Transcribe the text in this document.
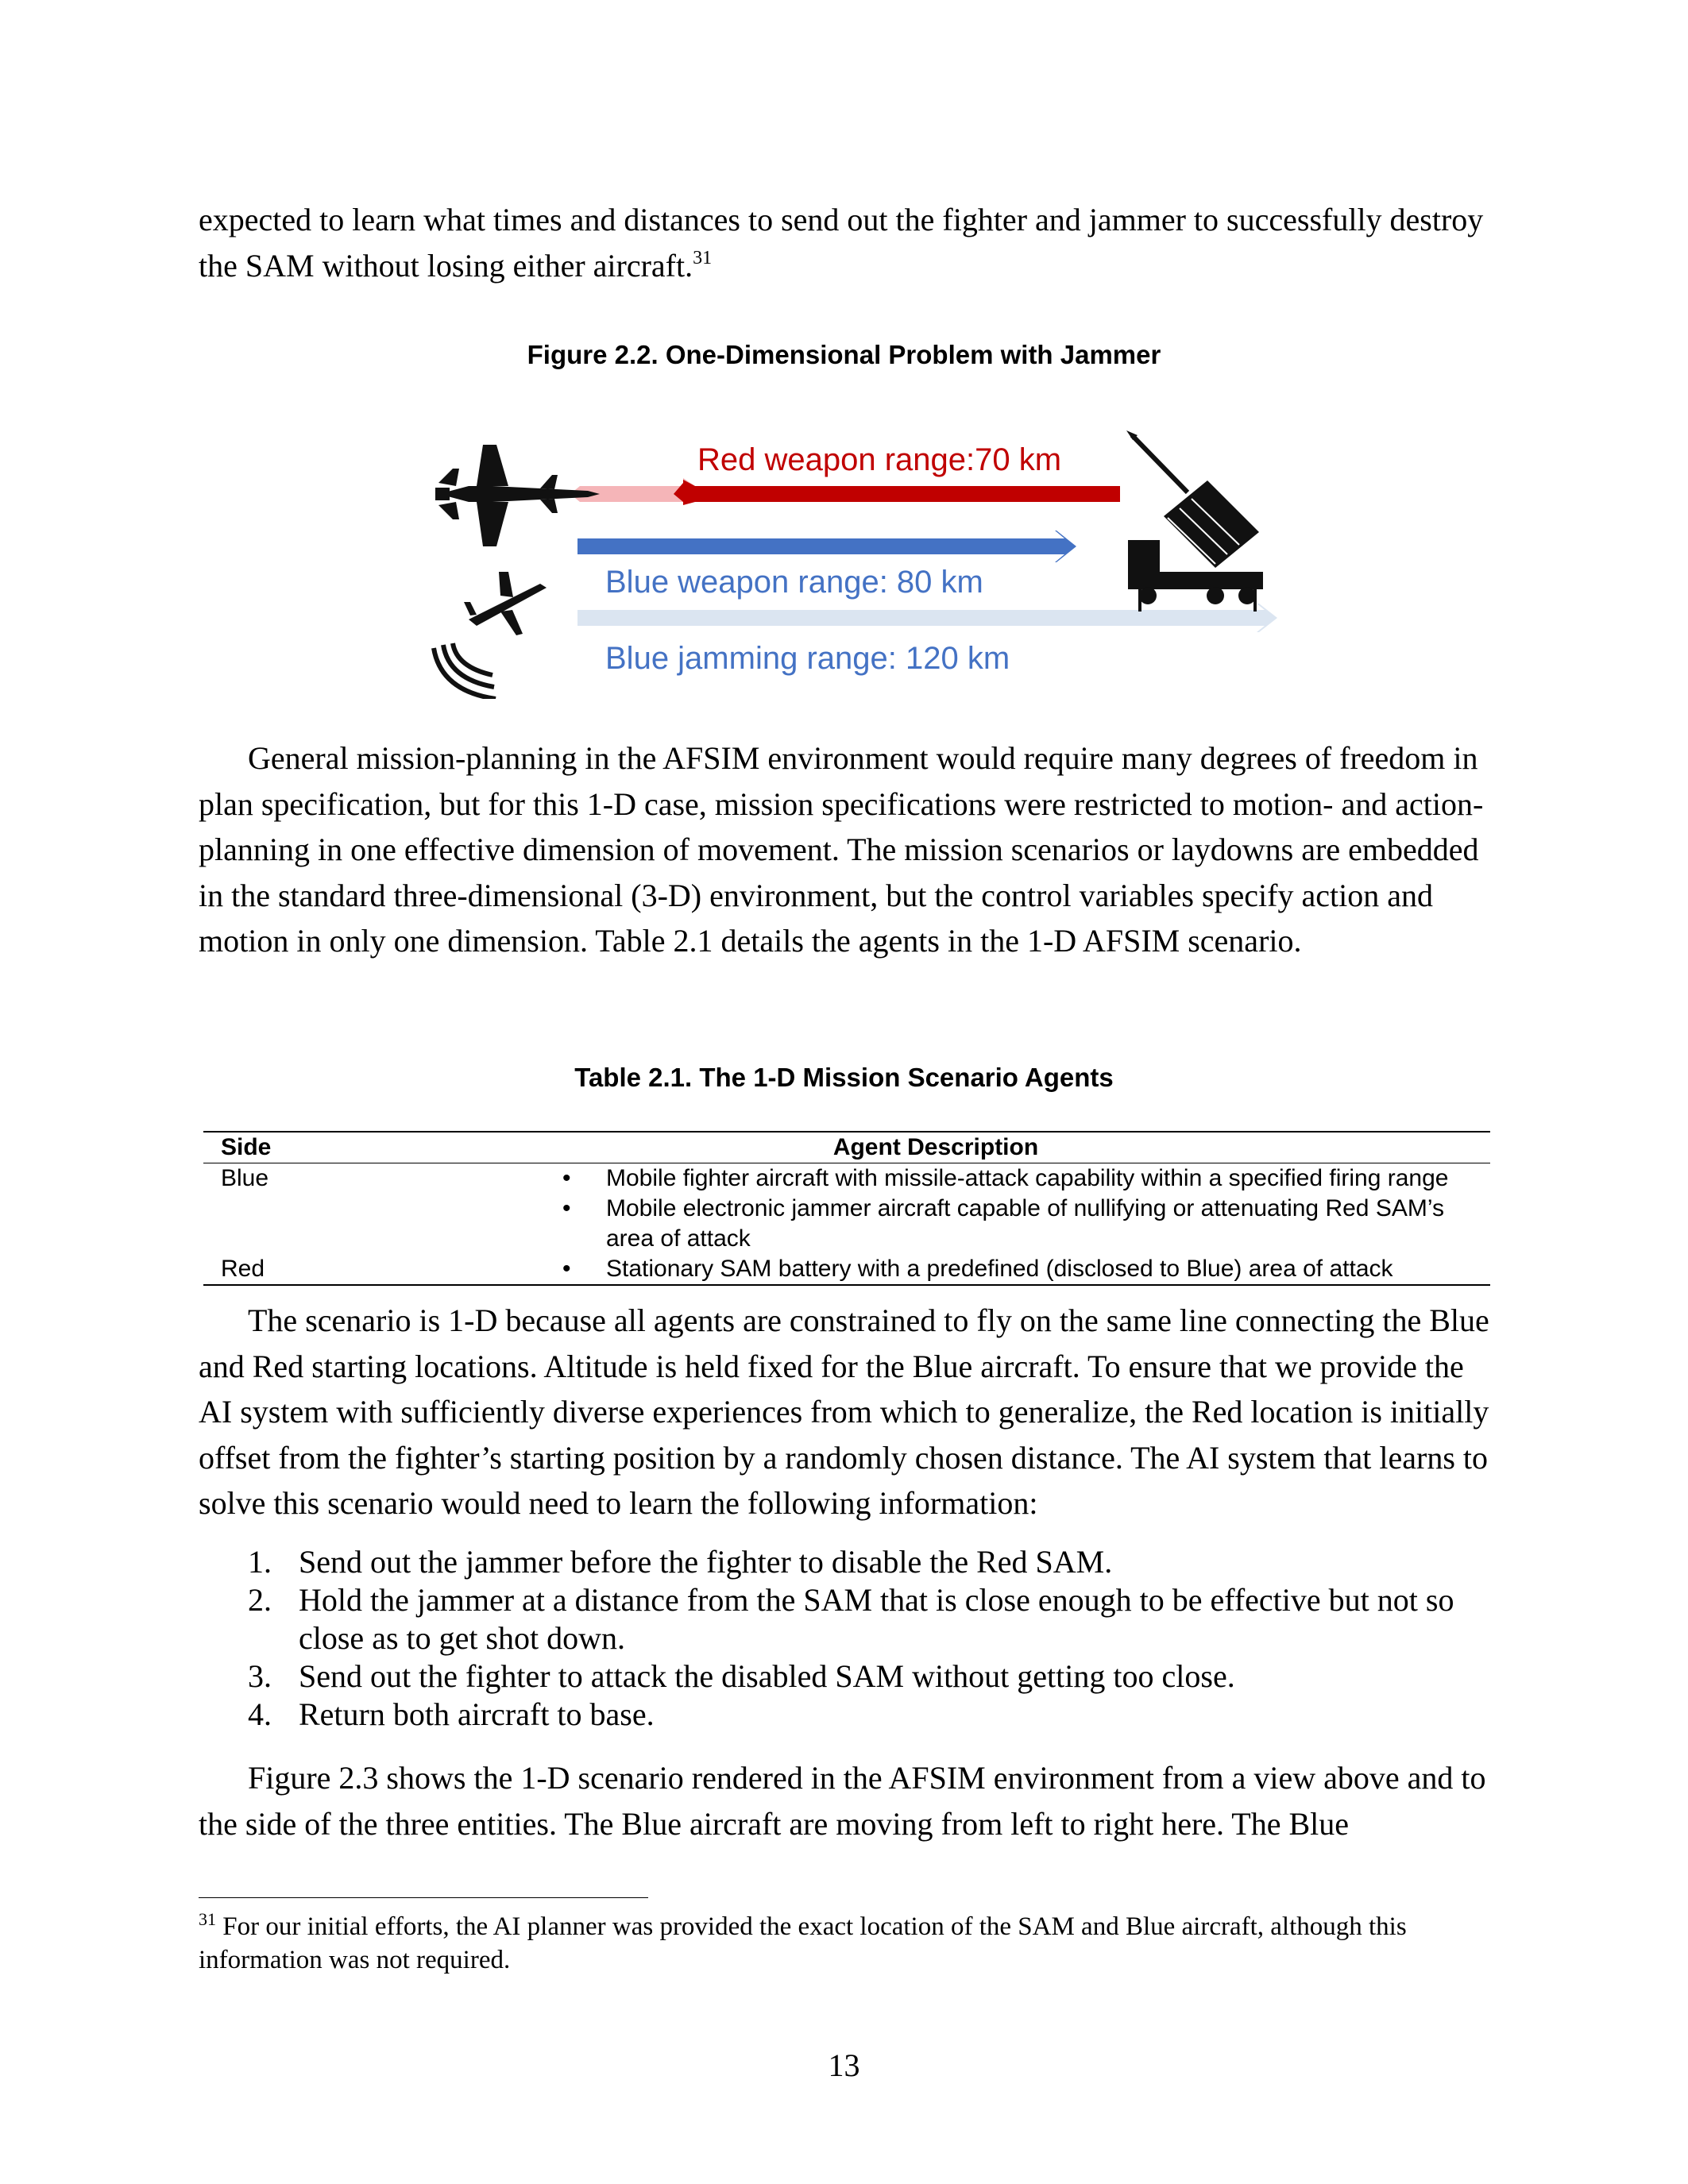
expected to learn what times and distances to send out the fighter and jammer to successfully destroy the SAM without losing either aircraft.$^{31}$

Figure 2.2. One-Dimensional Problem with Jammer

Red weapon range:70 km
Blue weapon range: 80 km
Blue jamming range: 120 km

General mission-planning in the AFSIM environment would require many degrees of freedom in plan specification, but for this 1-D case, mission specifications were restricted to motion- and action-planning in one effective dimension of movement. The mission scenarios or laydowns are embedded in the standard three-dimensional (3-D) environment, but the control variables specify action and motion in only one dimension. Table 2.1 details the agents in the 1-D AFSIM scenario.

Table 2.1. The 1-D Mission Scenario Agents

Side	Agent Description
Blue	• Mobile fighter aircraft with missile-attack capability within a specified firing range
• Mobile electronic jammer aircraft capable of nullifying or attenuating Red SAM’s area of attack
Red	• Stationary SAM battery with a predefined (disclosed to Blue) area of attack

The scenario is 1-D because all agents are constrained to fly on the same line connecting the Blue and Red starting locations. Altitude is held fixed for the Blue aircraft. To ensure that we provide the AI system with sufficiently diverse experiences from which to generalize, the Red location is initially offset from the fighter’s starting position by a randomly chosen distance. The AI system that learns to solve this scenario would need to learn the following information:

1. Send out the jammer before the fighter to disable the Red SAM.
2. Hold the jammer at a distance from the SAM that is close enough to be effective but not so close as to get shot down.
3. Send out the fighter to attack the disabled SAM without getting too close.
4. Return both aircraft to base.

Figure 2.3 shows the 1-D scenario rendered in the AFSIM environment from a view above and to the side of the three entities. The Blue aircraft are moving from left to right here. The Blue

$^{31}$ For our initial efforts, the AI planner was provided the exact location of the SAM and Blue aircraft, although this information was not required.

13
